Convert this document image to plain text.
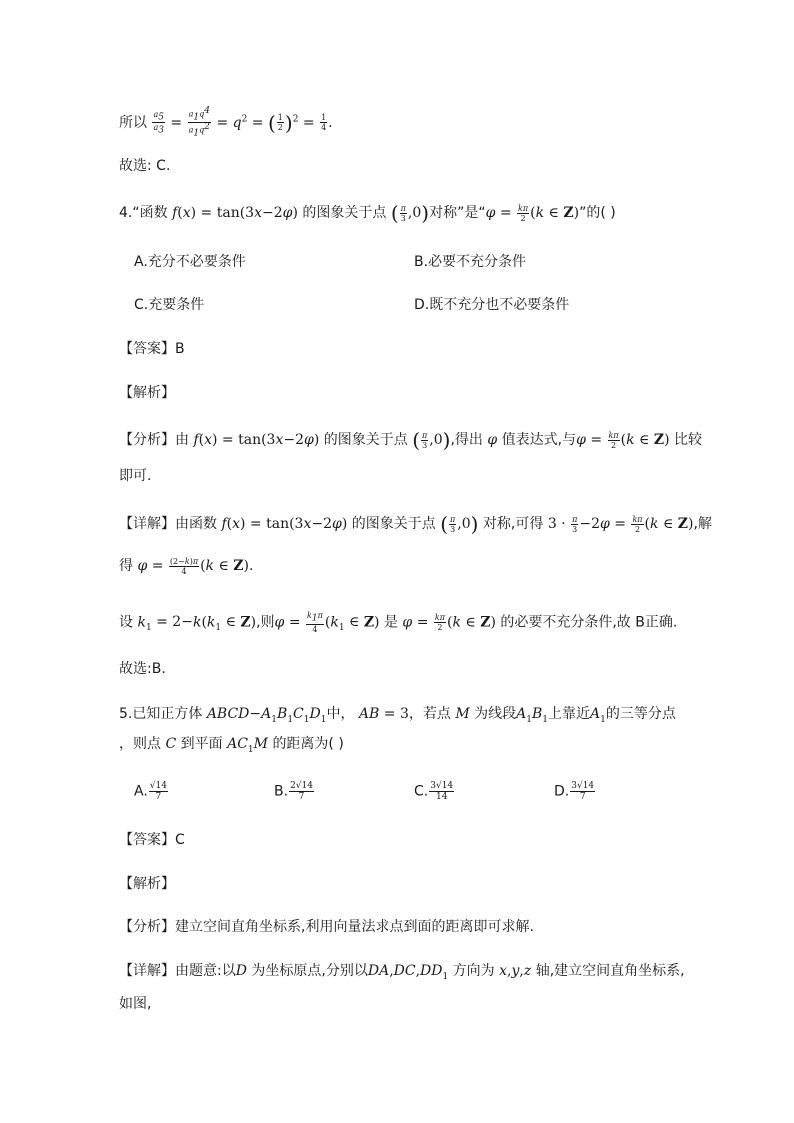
所以 $\frac{a_5}{a_3} = \frac{a_1q^4}{a_1q^2} = q^2$ = ( $\frac{1}{2} )^2 = \frac{1}{4}$ .
故选: C.
4.“函数 f(x) = tan(3x−2φ) 的图象关于点 ( $\frac{\pi}{3} ,0$)对称”是“$\varphi = \frac{k\pi}{2} (k$ ∈ Z)”的( )
A.充分不必要条件	B.必要不充分条件
C.充要条件	D.既不充分也不必要条件
【答案】B
【解析】
【分析】由 f(x) = tan(3x−2φ) 的图象关于点 ( $\frac{\pi}{3} ,0$),得出 φ 值表达式,与$\varphi = \frac{k\pi}{2} (k$ ∈ Z) 比较
即可.
【详解】由函数 f(x) = tan(3x−2φ) 的图象关于点 ( $\frac{\pi}{3} ,0$) 对称,可得 $3 \cdot \frac{\pi}{3} -2\varphi = \frac{k\pi}{2} (k$ ∈ Z),解
得 $\varphi = \frac{(2-k)\pi}{4} (k$ ∈ Z).
设 $k_1 = 2-k(k_1$ ∈ Z),则$\varphi = \frac{k_1\pi}{4} (k_1$ ∈ Z) 是 $\varphi = \frac{k\pi}{2} (k$ ∈ Z) 的必要不充分条件,故 B正确.
故选:B.
5.已知正方体 $ABCD-A_1B_1C_1D_1$中， AB = 3，若点 M 为线段$A_1B_1$上靠近$A_1$的三等分点
，则点 C 到平面 $AC_1M$ 的距离为( )
A. $\frac{√14}{7}$	B. $\frac{2√14}{7}$	C. $\frac{3√14}{14}$	D. $\frac{3√14}{7}$
【答案】C
【解析】
【分析】建立空间直角坐标系,利用向量法求点到面的距离即可求解.
【详解】由题意:以D 为坐标原点,分别以$DA,DC,DD_1$ 方向为 x,y,z 轴,建立空间直角坐标系,
如图,
